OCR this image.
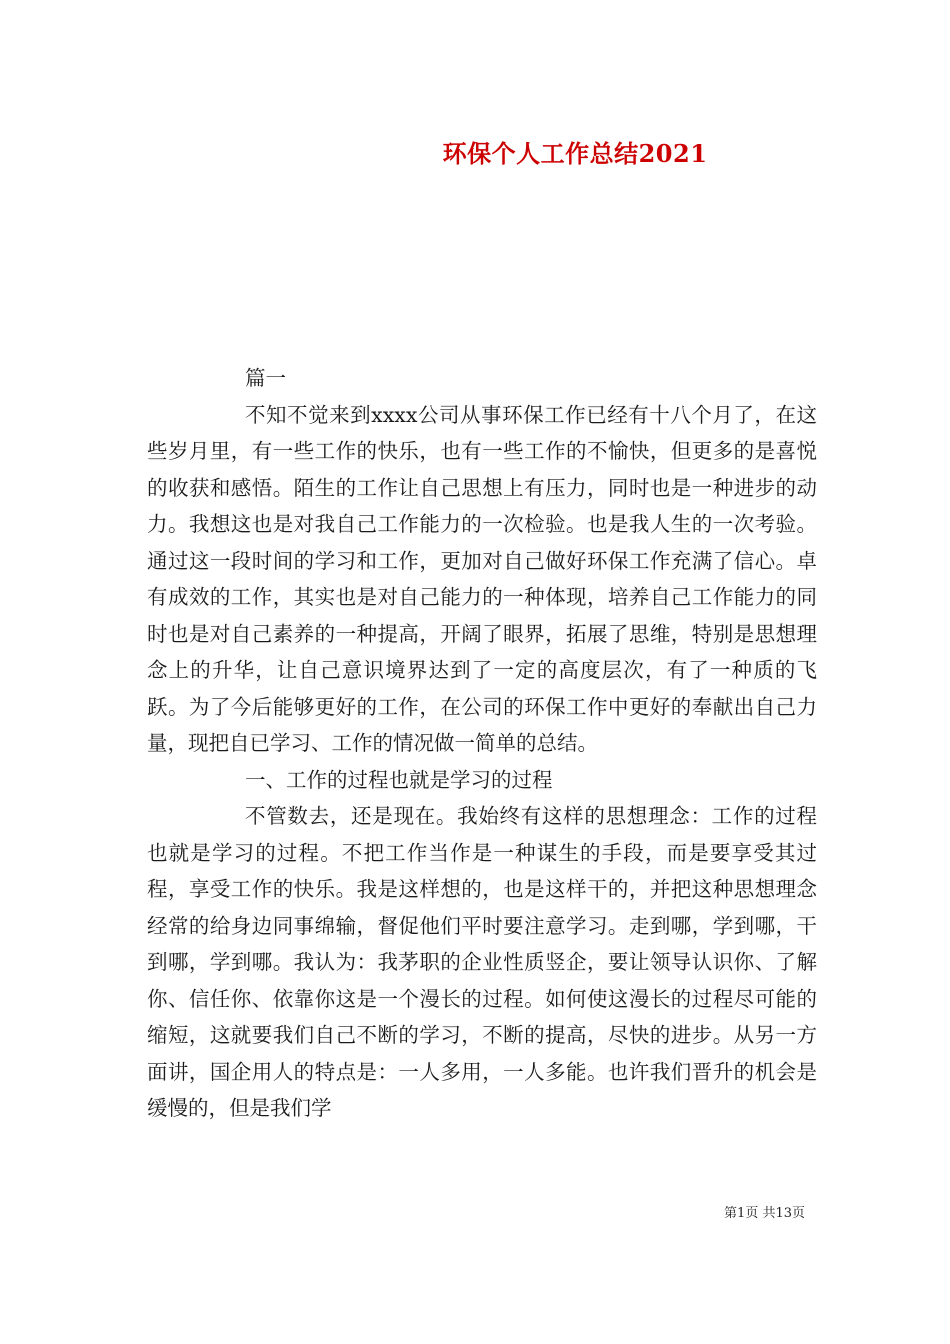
环保个人工作总结2021

篇一

不知不觉来到xxxx公司从事环保工作已经有十八个月了，在这些岁月里，有一些工作的快乐，也有一些工作的不愉快，但更多的是喜悦的收获和感悟。陌生的工作让自己思想上有压力，同时也是一种进步的动力。我想这也是对我自己工作能力的一次检验。也是我人生的一次考验。通过这一段时间的学习和工作，更加对自己做好环保工作充满了信心。卓有成效的工作，其实也是对自己能力的一种体现，培养自己工作能力的同时也是对自己素养的一种提高，开阔了眼界，拓展了思维，特别是思想理念上的升华，让自己意识境界达到了一定的高度层次，有了一种质的飞跃。为了今后能够更好的工作，在公司的环保工作中更好的奉献出自己力量，现把自已学习、工作的情况做一简单的总结。

一、工作的过程也就是学习的过程

不管数去，还是现在。我始终有这样的思想理念：工作的过程也就是学习的过程。不把工作当作是一种谋生的手段，而是要享受其过程，享受工作的快乐。我是这样想的，也是这样干的，并把这种思想理念经常的给身边同事绵输，督促他们平时要注意学习。走到哪，学到哪，干到哪，学到哪。我认为：我茅职的企业性质竖企，要让领导认识你、了解你、信任你、依靠你这是一个漫长的过程。如何使这漫长的过程尽可能的缩短，这就要我们自己不断的学习，不断的提高，尽快的进步。从另一方面讲，国企用人的特点是：一人多用，一人多能。也许我们晋升的机会是缓慢的，但是我们学

第1页 共13页
